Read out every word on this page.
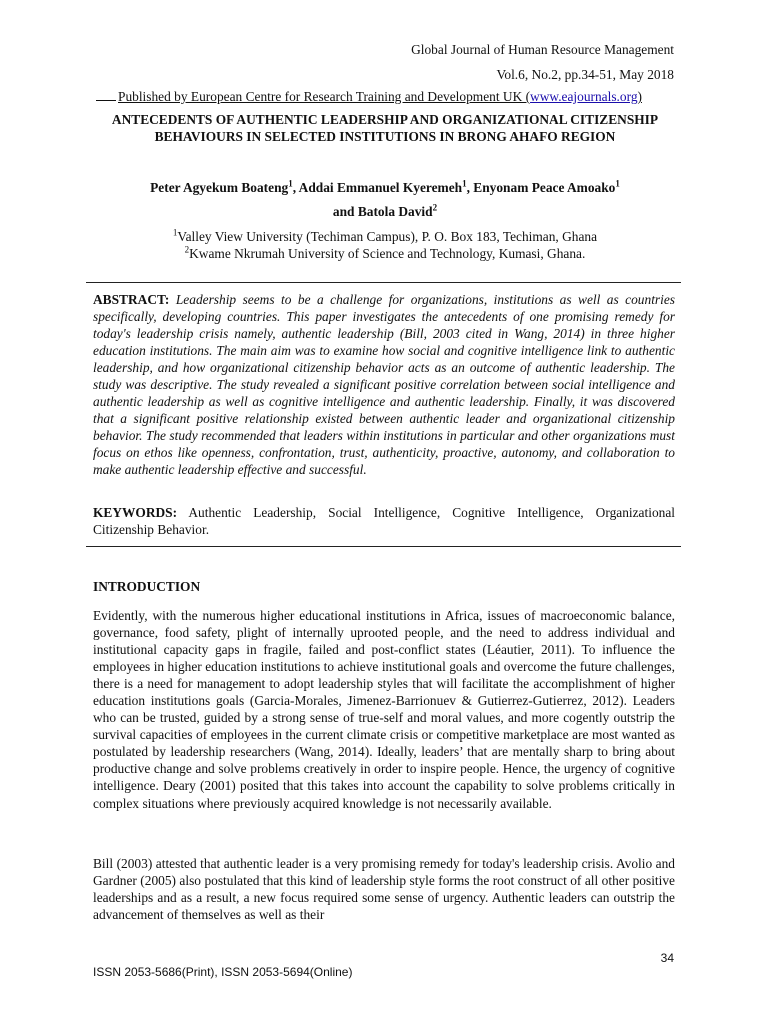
Global Journal of Human Resource Management
Vol.6, No.2, pp.34-51, May 2018
Published by European Centre for Research Training and Development UK (www.eajournals.org)
ANTECEDENTS OF AUTHENTIC LEADERSHIP AND ORGANIZATIONAL CITIZENSHIP BEHAVIOURS IN SELECTED INSTITUTIONS IN BRONG AHAFO REGION
Peter Agyekum Boateng$^1$, Addai Emmanuel Kyeremeh$^1$, Enyonam Peace Amoako$^1$
and Batola David$^2$
$^1$Valley View University (Techiman Campus), P. O. Box 183, Techiman, Ghana
$^2$Kwame Nkrumah University of Science and Technology, Kumasi, Ghana.

ABSTRACT: Leadership seems to be a challenge for organizations, institutions as well as countries specifically, developing countries. This paper investigates the antecedents of one promising remedy for today's leadership crisis namely, authentic leadership (Bill, 2003 cited in Wang, 2014) in three higher education institutions. The main aim was to examine how social and cognitive intelligence link to authentic leadership, and how organizational citizenship behavior acts as an outcome of authentic leadership. The study was descriptive. The study revealed a significant positive correlation between social intelligence and authentic leadership as well as cognitive intelligence and authentic leadership. Finally, it was discovered that a significant positive relationship existed between authentic leader and organizational citizenship behavior. The study recommended that leaders within institutions in particular and other organizations must focus on ethos like openness, confrontation, trust, authenticity, proactive, autonomy, and collaboration to make authentic leadership effective and successful.

KEYWORDS: Authentic Leadership, Social Intelligence, Cognitive Intelligence, Organizational Citizenship Behavior.

INTRODUCTION

Evidently, with the numerous higher educational institutions in Africa, issues of macroeconomic balance, governance, food safety, plight of internally uprooted people, and the need to address individual and institutional capacity gaps in fragile, failed and post-conflict states (Léautier, 2011). To influence the employees in higher education institutions to achieve institutional goals and overcome the future challenges, there is a need for management to adopt leadership styles that will facilitate the accomplishment of higher education institutions goals (Garcia-Morales, Jimenez-Barrionuev & Gutierrez-Gutierrez, 2012). Leaders who can be trusted, guided by a strong sense of true-self and moral values, and more cogently outstrip the survival capacities of employees in the current climate crisis or competitive marketplace are most wanted as postulated by leadership researchers (Wang, 2014). Ideally, leaders’ that are mentally sharp to bring about productive change and solve problems creatively in order to inspire people. Hence, the urgency of cognitive intelligence. Deary (2001) posited that this takes into account the capability to solve problems critically in complex situations where previously acquired knowledge is not necessarily available.

Bill (2003) attested that authentic leader is a very promising remedy for today's leadership crisis. Avolio and Gardner (2005) also postulated that this kind of leadership style forms the root construct of all other positive leaderships and as a result, a new focus required some sense of urgency. Authentic leaders can outstrip the advancement of themselves as well as their

34
ISSN 2053-5686(Print), ISSN 2053-5694(Online)
